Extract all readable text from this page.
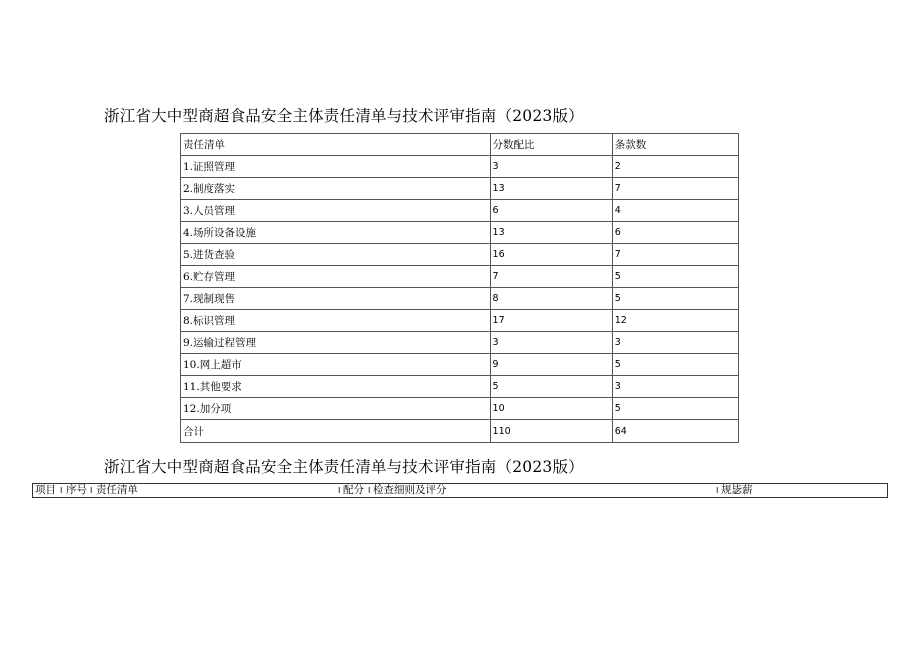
浙江省大中型商超食品安全主体责任清单与技术评审指南（2023版）
责任清单	分数配比	条款数
1.证照管理	3	2
2.制度落实	13	7
3.人员管理	6	4
4.场所设备设施	13	6
5.进货查验	16	7
6.贮存管理	7	5
7.现制现售	8	5
8.标识管理	17	12
9.运输过程管理	3	3
10.网上超市	9	5
11.其他要求	5	3
12.加分项	10	5
合计	110	64
浙江省大中型商超食品安全主体责任清单与技术评审指南（2023版）
项目 I 序号 I 责任清单	I 配分 I 检查细则及评分	I 规毖薪
